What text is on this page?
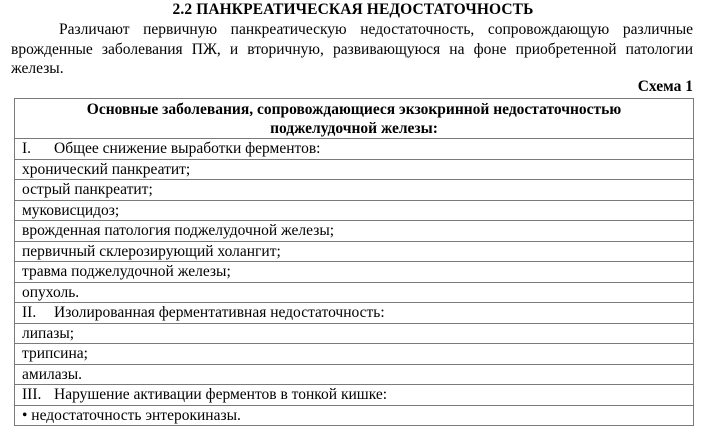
2.2 ПАНКРЕАТИЧЕСКАЯ НЕДОСТАТОЧНОСТЬ
Различают первичную панкреатическую недостаточность, сопровождающую различные
врожденные заболевания ПЖ, и вторичную, развивающуюся на фоне приобретенной патологии
железы.
Схема 1
Основные заболевания, сопровождающиеся экзокринной недостаточностью
поджелудочной железы:
I. Общее снижение выработки ферментов:
хронический панкреатит;
острый панкреатит;
муковисцидоз;
врожденная патология поджелудочной железы;
первичный склерозирующий холангит;
травма поджелудочной железы;
опухоль.
II. Изолированная ферментативная недостаточность:
липазы;
трипсина;
амилазы.
III. Нарушение активации ферментов в тонкой кишке:
• недостаточность энтерокиназы.
